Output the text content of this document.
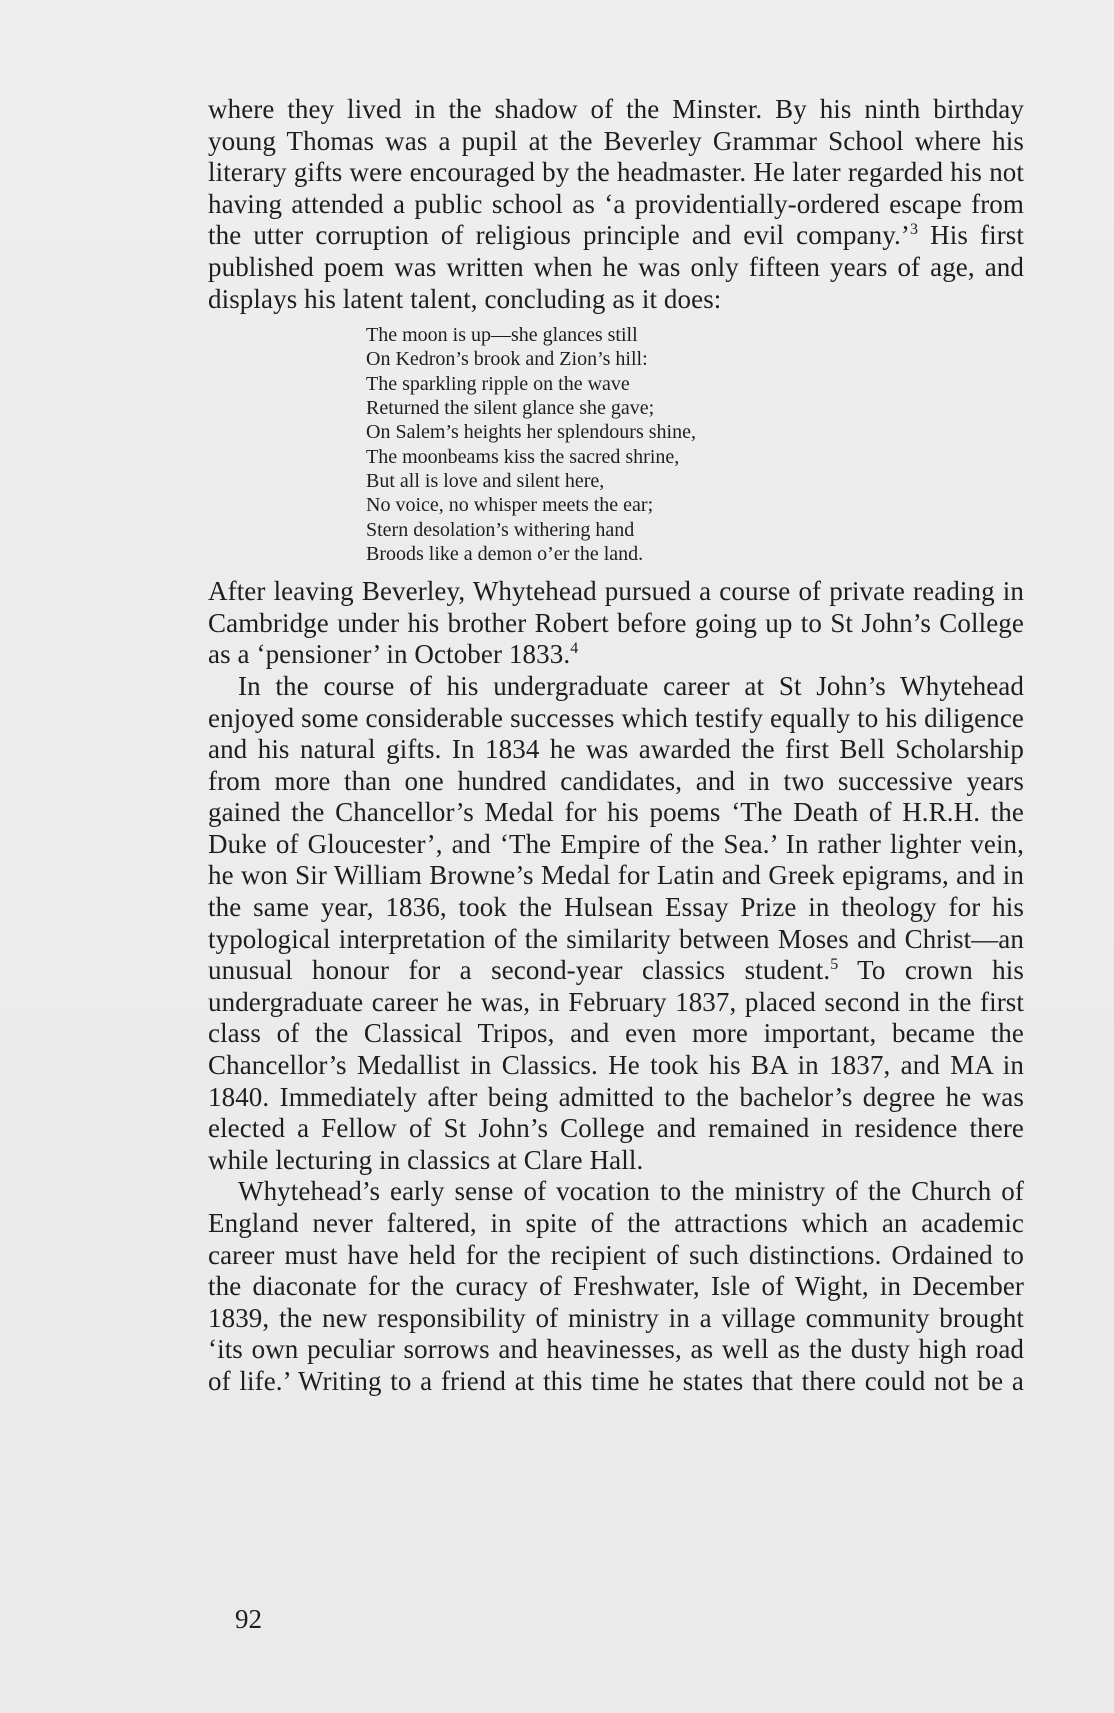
where they lived in the shadow of the Minster. By his ninth birthday young Thomas was a pupil at the Beverley Grammar School where his literary gifts were encouraged by the headmaster. He later regarded his not having attended a public school as ‘a providentially-ordered escape from the utter corruption of religious principle and evil company.’$^3$ His first published poem was written when he was only fifteen years of age, and displays his latent talent, concluding as it does:

The moon is up—she glances still
On Kedron’s brook and Zion’s hill:
The sparkling ripple on the wave
Returned the silent glance she gave;
On Salem’s heights her splendours shine,
The moonbeams kiss the sacred shrine,
But all is love and silent here,
No voice, no whisper meets the ear;
Stern desolation’s withering hand
Broods like a demon o’er the land.

After leaving Beverley, Whytehead pursued a course of private reading in Cambridge under his brother Robert before going up to St John’s College as a ‘pensioner’ in October 1833.$^4$

In the course of his undergraduate career at St John’s Whytehead enjoyed some considerable successes which testify equally to his diligence and his natural gifts. In 1834 he was awarded the first Bell Scholarship from more than one hundred candidates, and in two successive years gained the Chancellor’s Medal for his poems ‘The Death of H.R.H. the Duke of Gloucester’, and ‘The Empire of the Sea.’ In rather lighter vein, he won Sir William Browne’s Medal for Latin and Greek epigrams, and in the same year, 1836, took the Hulsean Essay Prize in theology for his typological interpretation of the similarity between Moses and Christ—an unusual honour for a second-year classics student.$^5$ To crown his undergraduate career he was, in February 1837, placed second in the first class of the Classical Tripos, and even more important, became the Chancellor’s Medallist in Classics. He took his BA in 1837, and MA in 1840. Immediately after being admitted to the bachelor’s degree he was elected a Fellow of St John’s College and remained in residence there while lecturing in classics at Clare Hall.

Whytehead’s early sense of vocation to the ministry of the Church of England never faltered, in spite of the attractions which an academic career must have held for the recipient of such distinctions. Ordained to the diaconate for the curacy of Freshwater, Isle of Wight, in December 1839, the new responsibility of ministry in a village community brought ‘its own peculiar sorrows and heavinesses, as well as the dusty high road of life.’ Writing to a friend at this time he states that there could not be a

92
